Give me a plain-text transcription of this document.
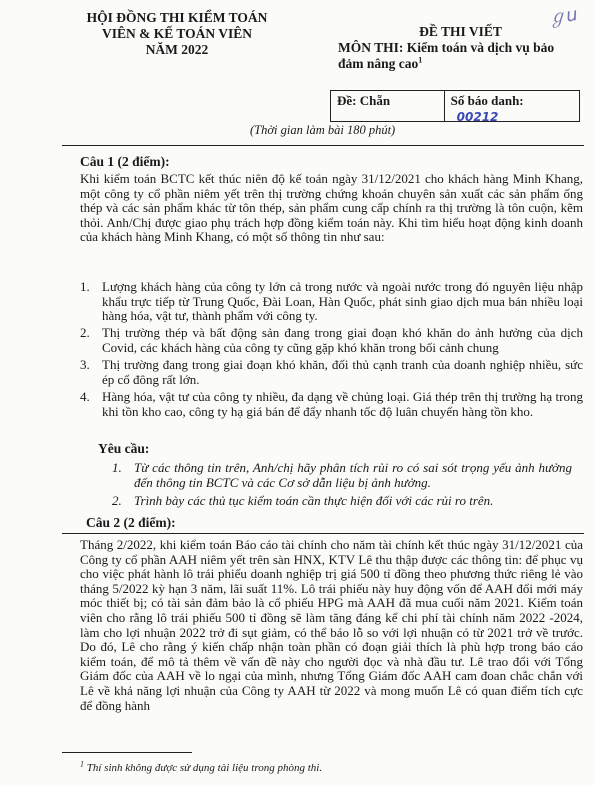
HỘI ĐỒNG THI KIỂM TOÁN
VIÊN & KẾ TOÁN VIÊN
NĂM 2022
ĐỀ THI VIẾT
MÔN THI: Kiểm toán và dịch vụ bảo đảm nâng cao$^1$
ℊu
Đề: Chẵn	Số báo danh: 00212
(Thời gian làm bài 180 phút)
Câu 1 (2 điểm):

Khi kiểm toán BCTC kết thúc niên độ kế toán ngày 31/12/2021 cho khách hàng Minh Khang, một công ty cổ phần niêm yết trên thị trường chứng khoán chuyên sản xuất các sản phẩm ống thép và các sản phẩm khác từ tôn thép, sản phẩm cung cấp chính ra thị trường là tôn cuộn, kẽm thỏi. Anh/Chị được giao phụ trách hợp đồng kiểm toán này. Khi tìm hiểu hoạt động kinh doanh của khách hàng Minh Khang, có một số thông tin như sau:

1. Lượng khách hàng của công ty lớn cả trong nước và ngoài nước trong đó nguyên liệu nhập khẩu trực tiếp từ Trung Quốc, Đài Loan, Hàn Quốc, phát sinh giao dịch mua bán nhiều loại hàng hóa, vật tư, thành phẩm với công ty.
2. Thị trường thép và bất động sản đang trong giai đoạn khó khăn do ảnh hưởng của dịch Covid, các khách hàng của công ty cũng gặp khó khăn trong bối cảnh chung
3. Thị trường đang trong giai đoạn khó khăn, đối thủ cạnh tranh của doanh nghiệp nhiều, sức ép cổ đông rất lớn.
4. Hàng hóa, vật tư của công ty nhiều, đa dạng về chủng loại. Giá thép trên thị trường hạ trong khi tồn kho cao, công ty hạ giá bán để đẩy nhanh tốc độ luân chuyển hàng tồn kho.
Yêu cầu:
1. Từ các thông tin trên, Anh/chị hãy phân tích rủi ro có sai sót trọng yếu ảnh hưởng đến thông tin BCTC và các Cơ sở dẫn liệu bị ảnh hưởng.
2. Trình bày các thủ tục kiểm toán cần thực hiện đối với các rủi ro trên.
Câu 2 (2 điểm):

Tháng 2/2022, khi kiểm toán Báo cáo tài chính cho năm tài chính kết thúc ngày 31/12/2021 của Công ty cổ phần AAH niêm yết trên sàn HNX, KTV Lê thu thập được các thông tin: để phục vụ cho việc phát hành lô trái phiếu doanh nghiệp trị giá 500 tỉ đồng theo phương thức riêng lẻ vào tháng 5/2022 kỳ hạn 3 năm, lãi suất 11%. Lô trái phiếu này huy động vốn để AAH đổi mới máy móc thiết bị; có tài sản đảm bảo là cổ phiếu HPG mà AAH đã mua cuối năm 2021. Kiểm toán viên cho rằng lô trái phiếu 500 tỉ đồng sẽ làm tăng đáng kể chi phí tài chính năm 2022 -2024, làm cho lợi nhuận 2022 trở đi sụt giảm, có thể báo lỗ so với lợi nhuận có từ 2021 trở về trước. Do đó, Lê cho rằng ý kiến chấp nhận toàn phần có đoạn giải thích là phù hợp trong báo cáo kiểm toán, để mô tả thêm về vấn đề này cho người đọc và nhà đầu tư. Lê trao đổi với Tổng Giám đốc của AAH về lo ngại của mình, nhưng Tổng Giám đốc AAH cam đoan chắc chắn với Lê về khả năng lợi nhuận của Công ty AAH từ 2022 và mong muốn Lê có quan điểm tích cực để đồng hành

$^1$ Thí sinh không được sử dụng tài liệu trong phòng thi.
